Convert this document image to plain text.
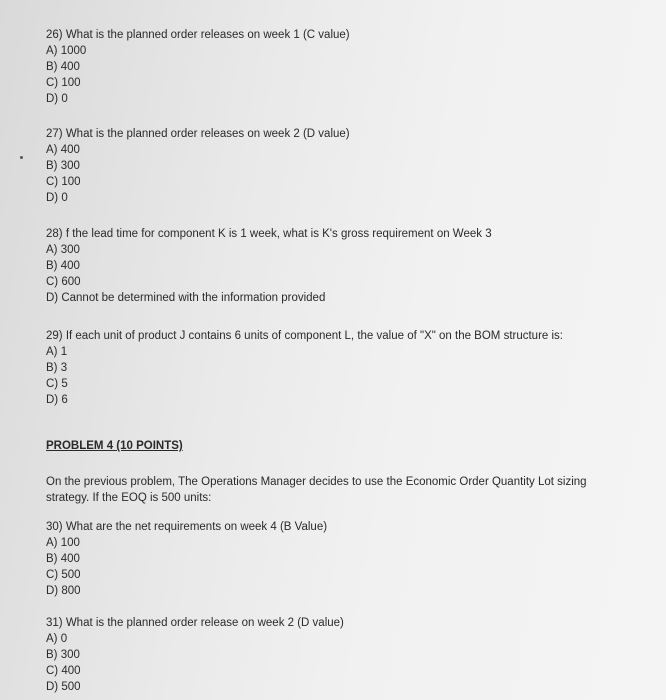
26) What is the planned order releases on week 1 (C value)
A) 1000
B) 400
C) 100
D) 0
27) What is the planned order releases on week 2 (D value)
A) 400
B) 300
C) 100
D) 0
28) f the lead time for component K is 1 week, what is K's gross requirement on Week 3
A) 300
B) 400
C) 600
D) Cannot be determined with the information provided
29) If each unit of product J contains 6 units of component L, the value of "X" on the BOM structure is:
A) 1
B) 3
C) 5
D) 6
PROBLEM 4 (10 POINTS)
On the previous problem, The Operations Manager decides to use the Economic Order Quantity Lot sizing strategy. If the EOQ is 500 units:
30) What are the net requirements on week 4 (B Value)
A) 100
B) 400
C) 500
D) 800
31) What is the planned order release on week 2 (D value)
A) 0
B) 300
C) 400
D) 500
